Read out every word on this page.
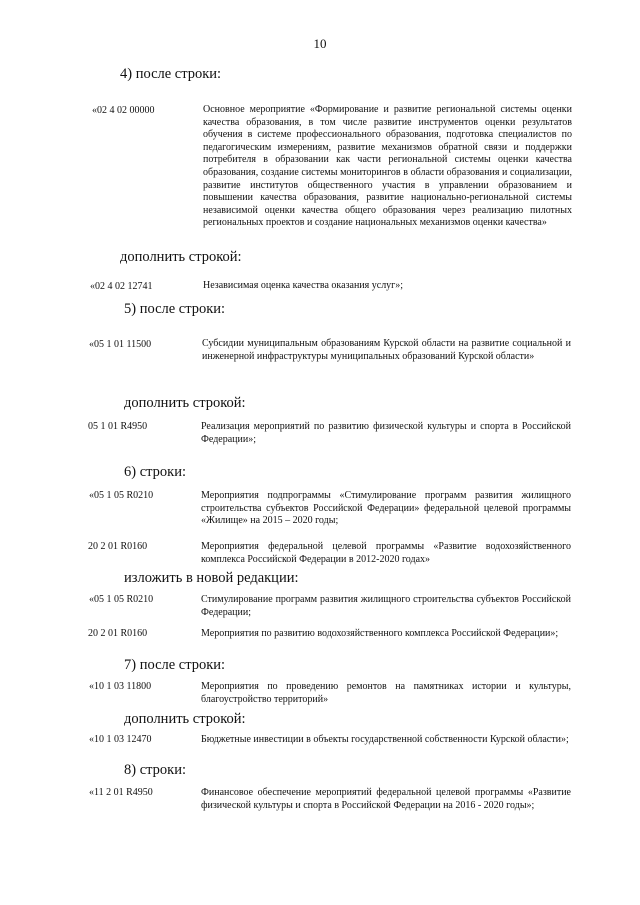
10
4) после строки:
«02 4 02 00000	Основное мероприятие «Формирование и развитие региональной системы оценки качества образования, в том числе развитие инструментов оценки результатов обучения в системе профессионального образования, подготовка специалистов по педагогическим измерениям, развитие механизмов обратной связи и поддержки потребителя в образовании как части региональной системы оценки качества образования, создание системы мониторингов в области образования и социализации, развитие институтов общественного участия в управлении образованием и повышении качества образования, развитие национально-региональной системы независимой оценки качества общего образования через реализацию пилотных региональных проектов и создание национальных механизмов оценки качества»
дополнить строкой:
«02 4 02 12741	Независимая оценка качества оказания услуг»;
5) после строки:
«05 1 01 11500	Субсидии муниципальным образованиям Курской области на развитие социальной и инженерной инфраструктуры муниципальных образований Курской области»
дополнить строкой:
05 1 01 R4950	Реализация мероприятий по развитию физической культуры и спорта в Российской Федерации»;
6) строки:
«05 1 05 R0210	Мероприятия подпрограммы «Стимулирование программ развития жилищного строительства субъектов Российской Федерации» федеральной целевой программы «Жилище» на 2015 – 2020 годы;
20 2 01 R0160	Мероприятия федеральной целевой программы «Развитие водохозяйственного комплекса Российской Федерации в 2012-2020 годах»
изложить в новой редакции:
«05 1 05 R0210	Стимулирование программ развития жилищного строительства субъектов Российской Федерации;
20 2 01 R0160	Мероприятия по развитию водохозяйственного комплекса Российской Федерации»;
7) после строки:
«10 1 03 11800	Мероприятия по проведению ремонтов на памятниках истории и культуры, благоустройство территорий»
дополнить строкой:
«10 1 03 12470	Бюджетные инвестиции в объекты государственной собственности Курской области»;
8) строки:
«11 2 01 R4950	Финансовое обеспечение мероприятий федеральной целевой программы «Развитие физической культуры и спорта в Российской Федерации на 2016 - 2020 годы»;
